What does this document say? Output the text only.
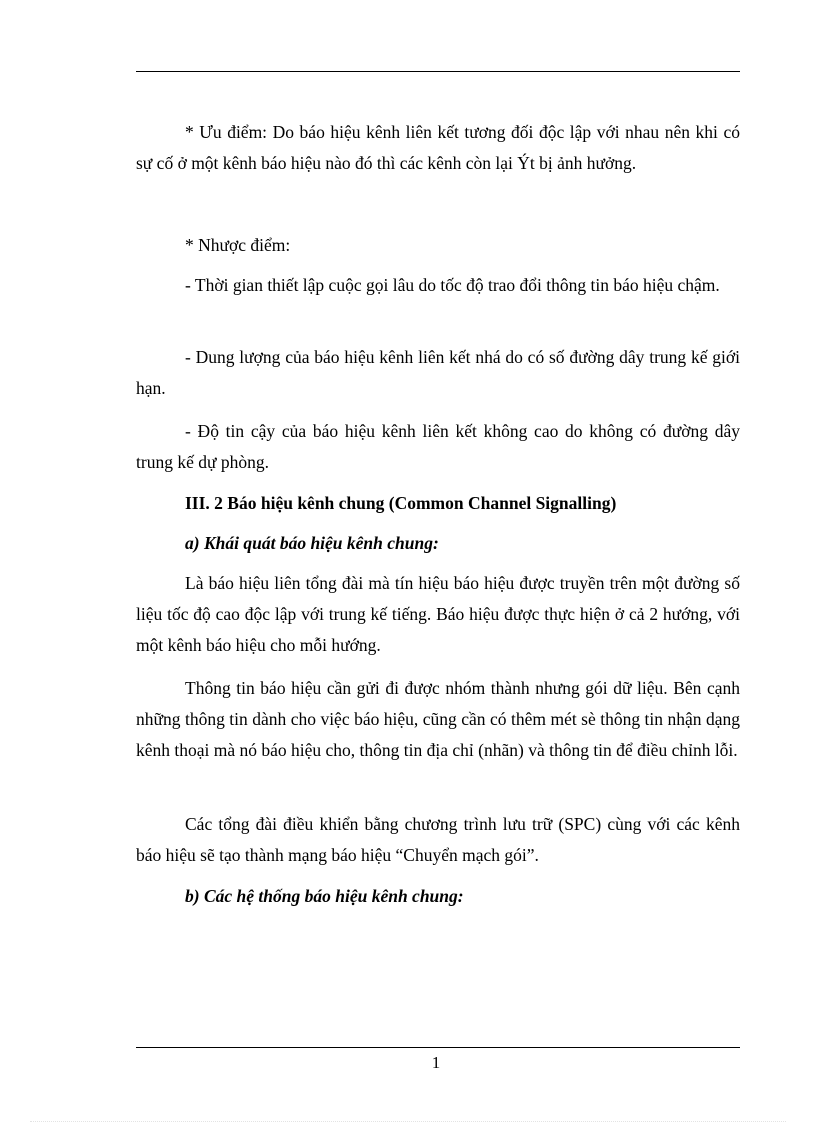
* Ưu điểm: Do báo hiệu kênh liên kết tương đối độc lập với nhau nên khi có sự cố ở một kênh báo hiệu nào đó thì các kênh còn lại Ýt bị ảnh hưởng.

* Nhược điểm:

- Thời gian thiết lập cuộc gọi lâu do tốc độ trao đổi thông tin báo hiệu chậm.

- Dung lượng của báo hiệu kênh liên kết nhá do có số đường dây trung kế giới hạn.

- Độ tin cậy của báo hiệu kênh liên kết không cao do không có đường dây trung kế dự phòng.

III. 2 Báo hiệu kênh chung (Common Channel Signalling)

a) Khái quát báo hiệu kênh chung:

Là báo hiệu liên tổng đài mà tín hiệu báo hiệu được truyền trên một đường số liệu tốc độ cao độc lập với trung kế tiếng. Báo hiệu được thực hiện ở cả 2 hướng, với một kênh báo hiệu cho mỗi hướng.

Thông tin báo hiệu cần gửi đi được nhóm thành nhưng gói dữ liệu. Bên cạnh những thông tin dành cho việc báo hiệu, cũng cần có thêm mét sè thông tin nhận dạng kênh thoại mà nó báo hiệu cho, thông tin địa chỉ (nhãn) và thông tin để điều chỉnh lỗi.

Các tổng đài điều khiển bằng chương trình lưu trữ (SPC) cùng với các kênh báo hiệu sẽ tạo thành mạng báo hiệu “Chuyển mạch gói”.

b) Các hệ thống báo hiệu kênh chung:

1
